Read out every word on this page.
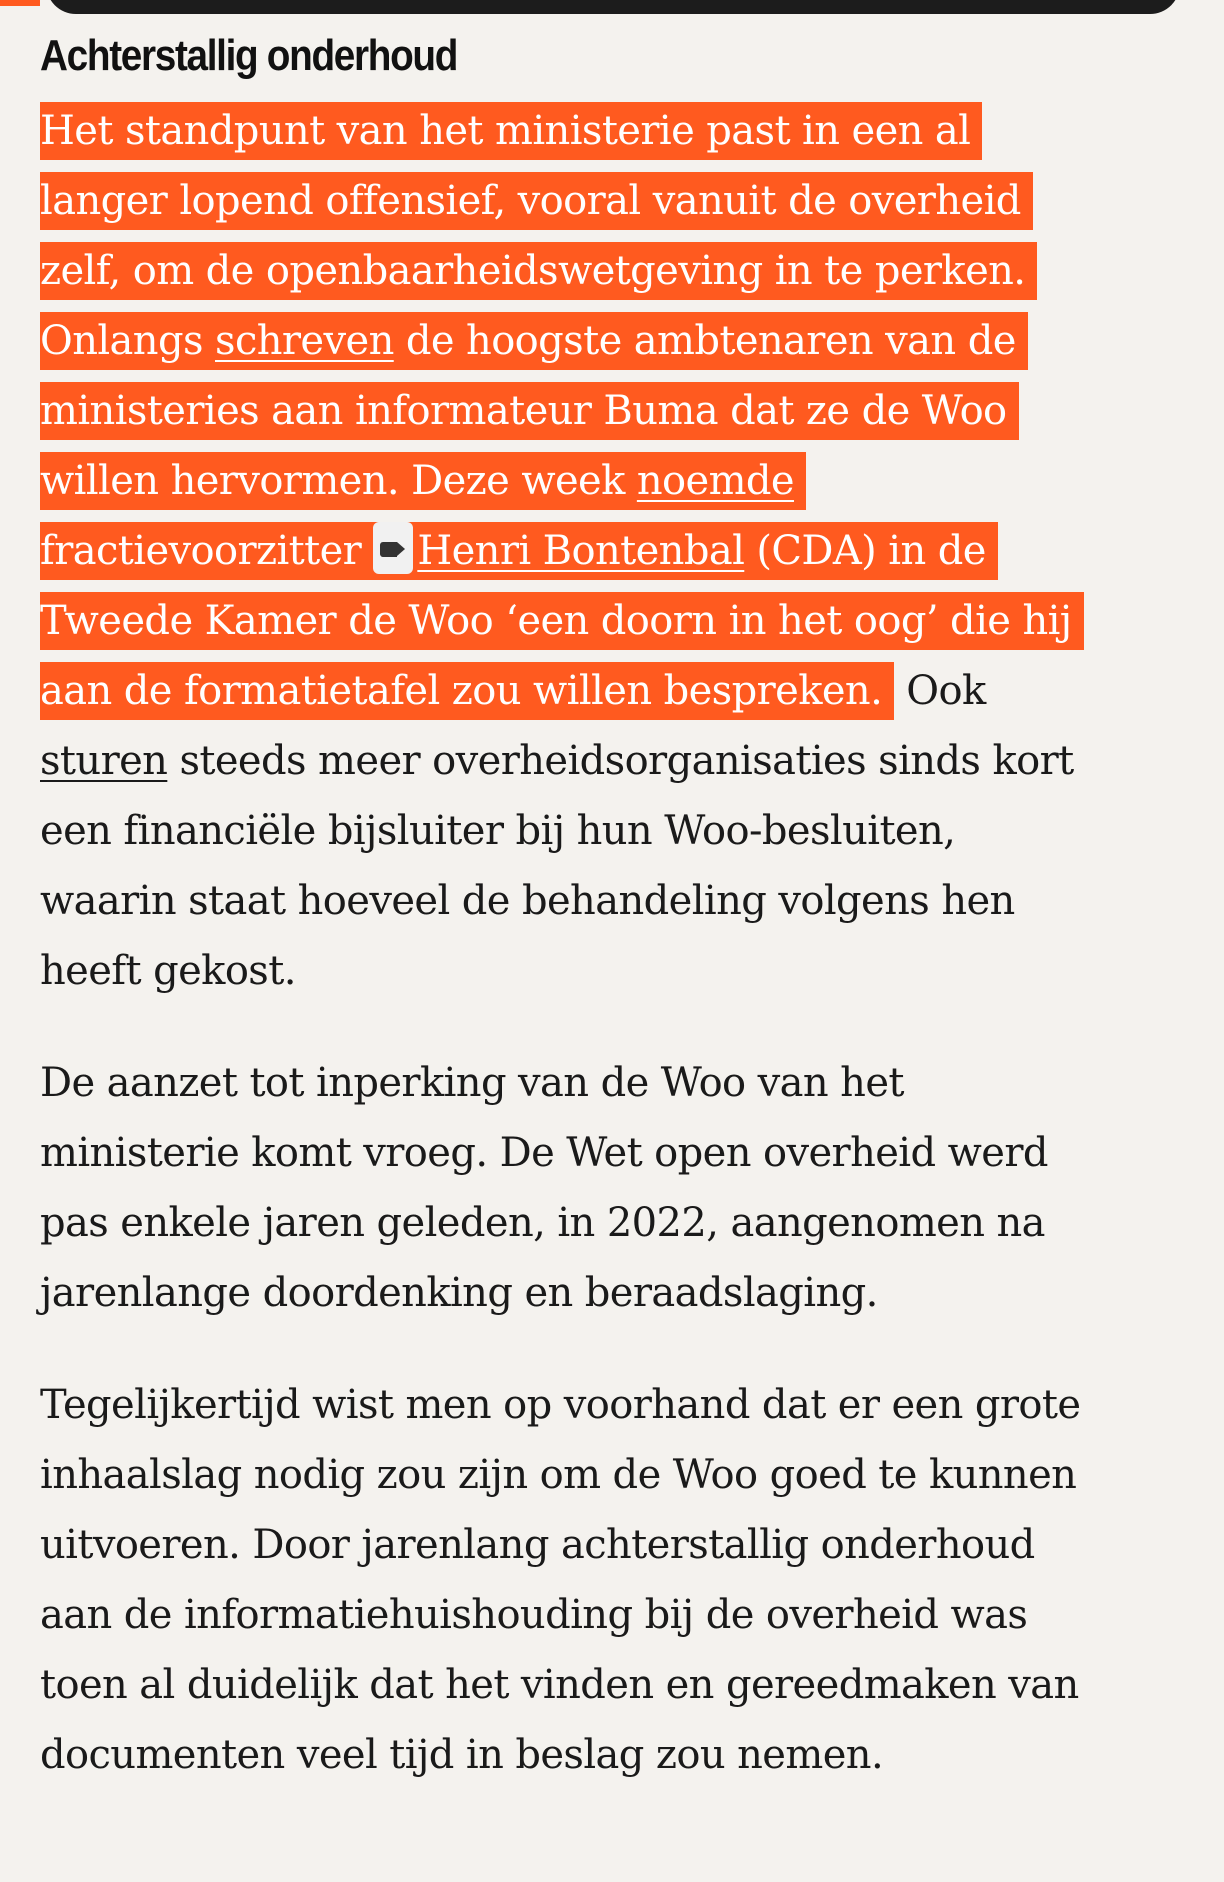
Achterstallig onderhoud

Het standpunt van het ministerie past in een al
langer lopend offensief, vooral vanuit de overheid
zelf, om de openbaarheidswetgeving in te perken.
Onlangs schreven de hoogste ambtenaren van de
ministeries aan informateur Buma dat ze de Woo
willen hervormen. Deze week noemde
fractievoorzitter Henri Bontenbal (CDA) in de
Tweede Kamer de Woo ‘een doorn in het oog’ die hij
aan de formatietafel zou willen bespreken. Ook
sturen steeds meer overheidsorganisaties sinds kort
een financiële bijsluiter bij hun Woo-besluiten,
waarin staat hoeveel de behandeling volgens hen
heeft gekost.

De aanzet tot inperking van de Woo van het
ministerie komt vroeg. De Wet open overheid werd
pas enkele jaren geleden, in 2022, aangenomen na
jarenlange doordenking en beraadslaging.

Tegelijkertijd wist men op voorhand dat er een grote
inhaalslag nodig zou zijn om de Woo goed te kunnen
uitvoeren. Door jarenlang achterstallig onderhoud
aan de informatiehuishouding bij de overheid was
toen al duidelijk dat het vinden en gereedmaken van
documenten veel tijd in beslag zou nemen.
